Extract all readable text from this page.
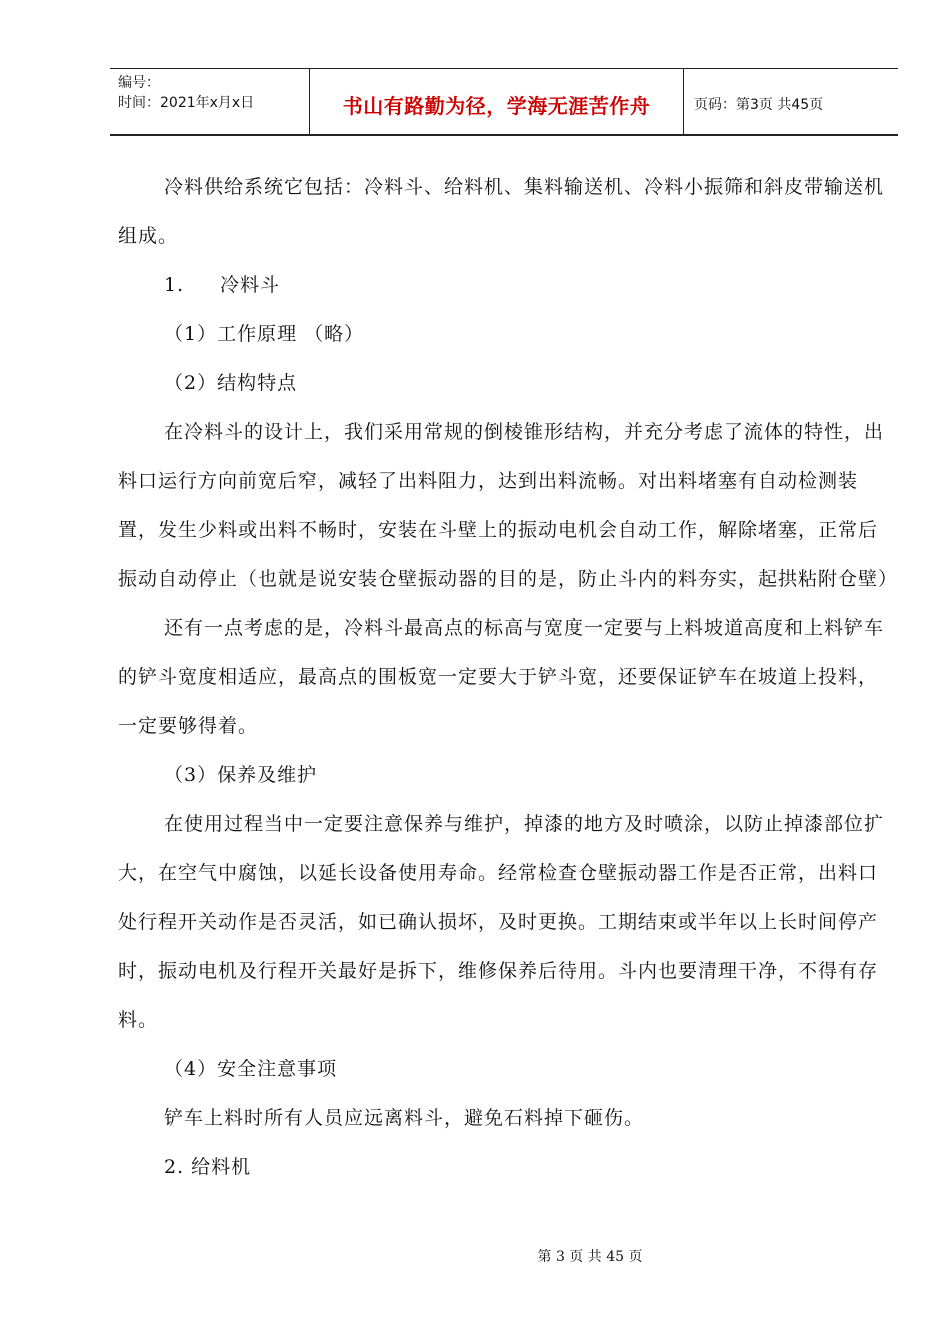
编号：
时间：2021年x月x日	书山有路勤为径，学海无涯苦作舟	页码：第3页 共45页

冷料供给系统它包括：冷料斗、给料机、集料输送机、冷料小振筛和斜皮带输送机组成。

1. 冷料斗

（1）工作原理 （略）

（2）结构特点

在冷料斗的设计上，我们采用常规的倒棱锥形结构，并充分考虑了流体的特性，出料口运行方向前宽后窄，减轻了出料阻力，达到出料流畅。对出料堵塞有自动检测装置，发生少料或出料不畅时，安装在斗壁上的振动电机会自动工作，解除堵塞，正常后振动自动停止（也就是说安装仓壁振动器的目的是，防止斗内的料夯实，起拱粘附仓壁）

还有一点考虑的是，冷料斗最高点的标高与宽度一定要与上料坡道高度和上料铲车的铲斗宽度相适应，最高点的围板宽一定要大于铲斗宽，还要保证铲车在坡道上投料，一定要够得着。

（3）保养及维护

在使用过程当中一定要注意保养与维护，掉漆的地方及时喷涂，以防止掉漆部位扩大，在空气中腐蚀，以延长设备使用寿命。经常检查仓壁振动器工作是否正常，出料口处行程开关动作是否灵活，如已确认损坏，及时更换。工期结束或半年以上长时间停产时，振动电机及行程开关最好是拆下，维修保养后待用。斗内也要清理干净，不得有存料。

（4）安全注意事项

铲车上料时所有人员应远离料斗，避免石料掉下砸伤。

2. 给料机

第 3 页 共 45 页
